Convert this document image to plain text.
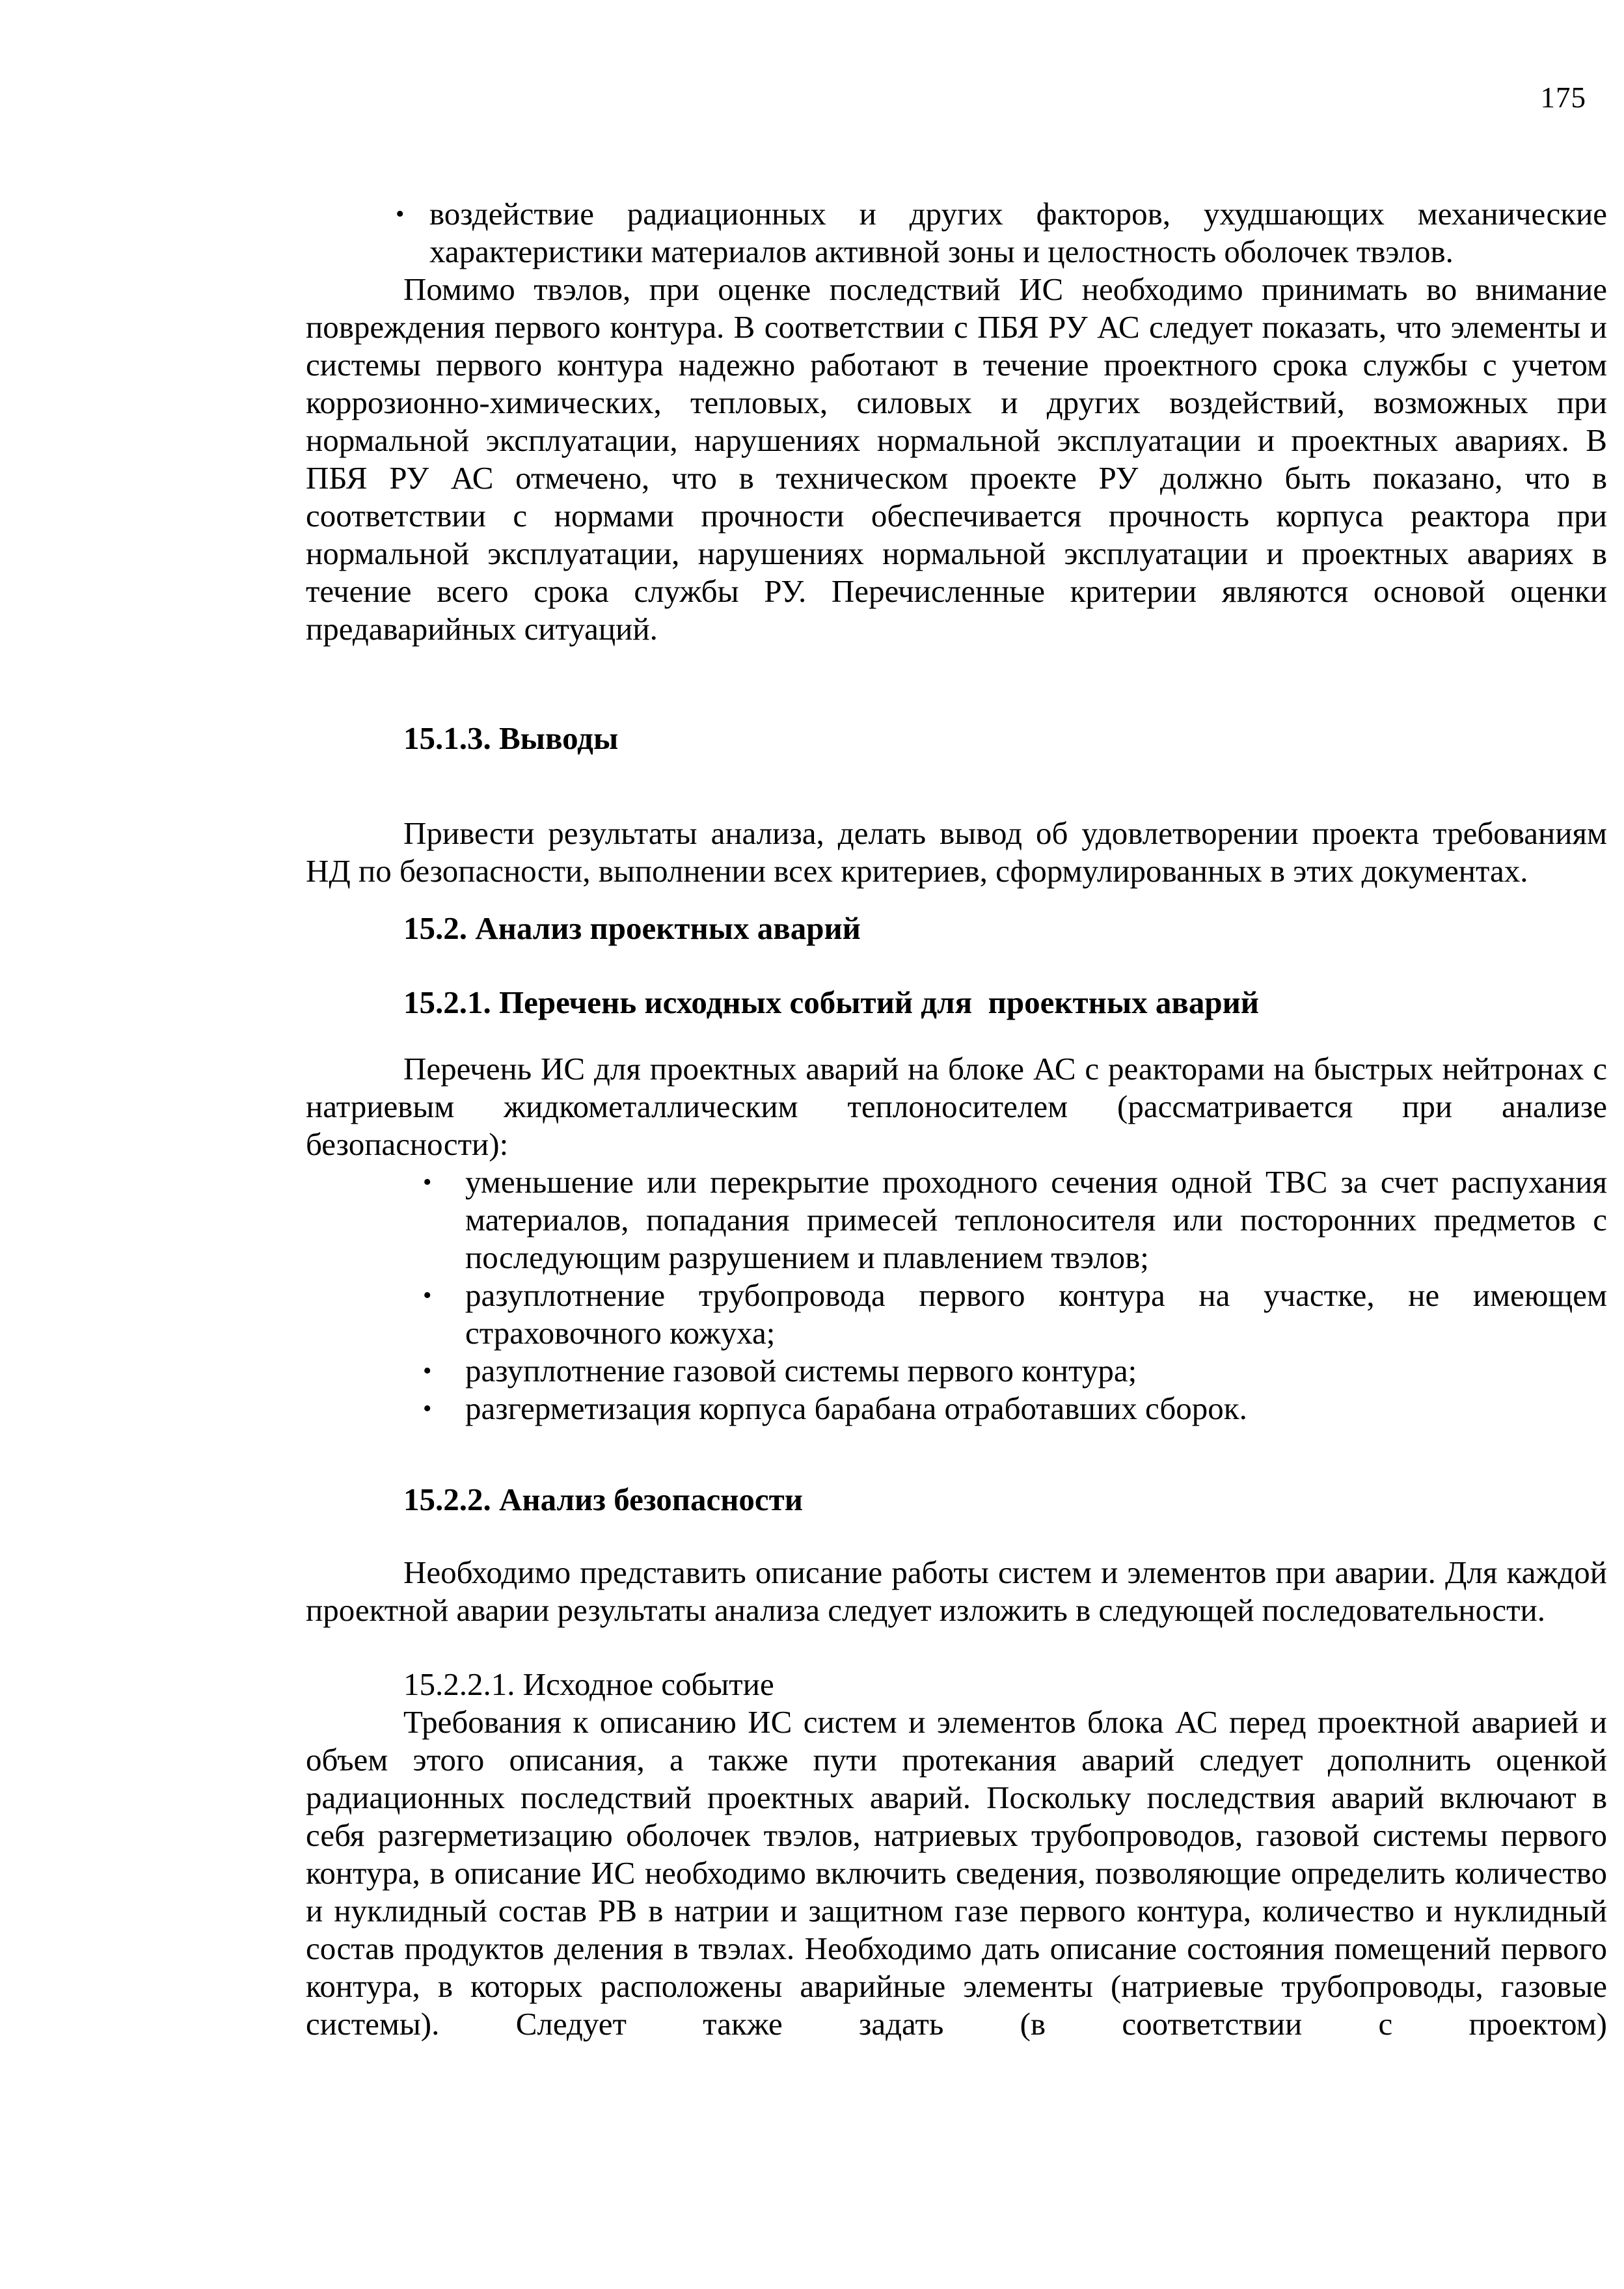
175
• воздействие радиационных и других факторов, ухудшающих механические характеристики материалов активной зоны и целостность оболочек твэлов.

Помимо твэлов, при оценке последствий ИС необходимо принимать во внимание повреждения первого контура. В соответствии с ПБЯ РУ АС следует показать, что элементы и системы первого контура надежно работают в течение проектного срока службы с учетом коррозионно-химических, тепловых, силовых и других воздействий, возможных при нормальной эксплуатации, нарушениях нормальной эксплуатации и проектных авариях. В ПБЯ РУ АС отмечено, что в техническом проекте РУ должно быть показано, что в соответствии с нормами прочности обеспечивается прочность корпуса реактора при нормальной эксплуатации, нарушениях нормальной эксплуатации и проектных авариях в течение всего срока службы РУ. Перечисленные критерии являются основой оценки предаварийных ситуаций.

15.1.3. Выводы

Привести результаты анализа, делать вывод об удовлетворении проекта требованиям НД по безопасности, выполнении всех критериев, сформулированных в этих документах.

15.2. Анализ проектных аварий
15.2.1. Перечень исходных событий для  проектных аварий

Перечень ИС для проектных аварий на блоке АС с реакторами на быстрых нейтронах с натриевым жидкометаллическим теплоносителем (рассматривается при анализе безопасности):

• уменьшение или перекрытие проходного сечения одной ТВС за счет распухания материалов, попадания примесей теплоносителя или посторонних предметов с последующим разрушением и плавлением твэлов;
• разуплотнение трубопровода первого контура на участке, не имеющем страховочного кожуха;
• разуплотнение газовой системы первого контура;
• разгерметизация корпуса барабана отработавших сборок.
15.2.2. Анализ безопасности

Необходимо представить описание работы систем и элементов при аварии. Для каждой проектной аварии результаты анализа следует изложить в следующей последовательности.

15.2.2.1. Исходное событие

Требования к описанию ИС систем и элементов блока АС перед проектной аварией и объем этого описания, а также пути протекания аварий следует дополнить оценкой радиационных последствий проектных аварий. Поскольку последствия аварий включают в себя разгерметизацию оболочек твэлов, натриевых трубопроводов, газовой системы первого контура, в описание ИС необходимо включить сведения, позволяющие определить количество и нуклидный состав РВ в натрии и защитном газе первого контура, количество и нуклидный состав продуктов деления в твэлах. Необходимо дать описание состояния помещений первого контура, в которых расположены аварийные элементы (натриевые трубопроводы, газовые системы). Следует также задать (в соответствии с проектом)
